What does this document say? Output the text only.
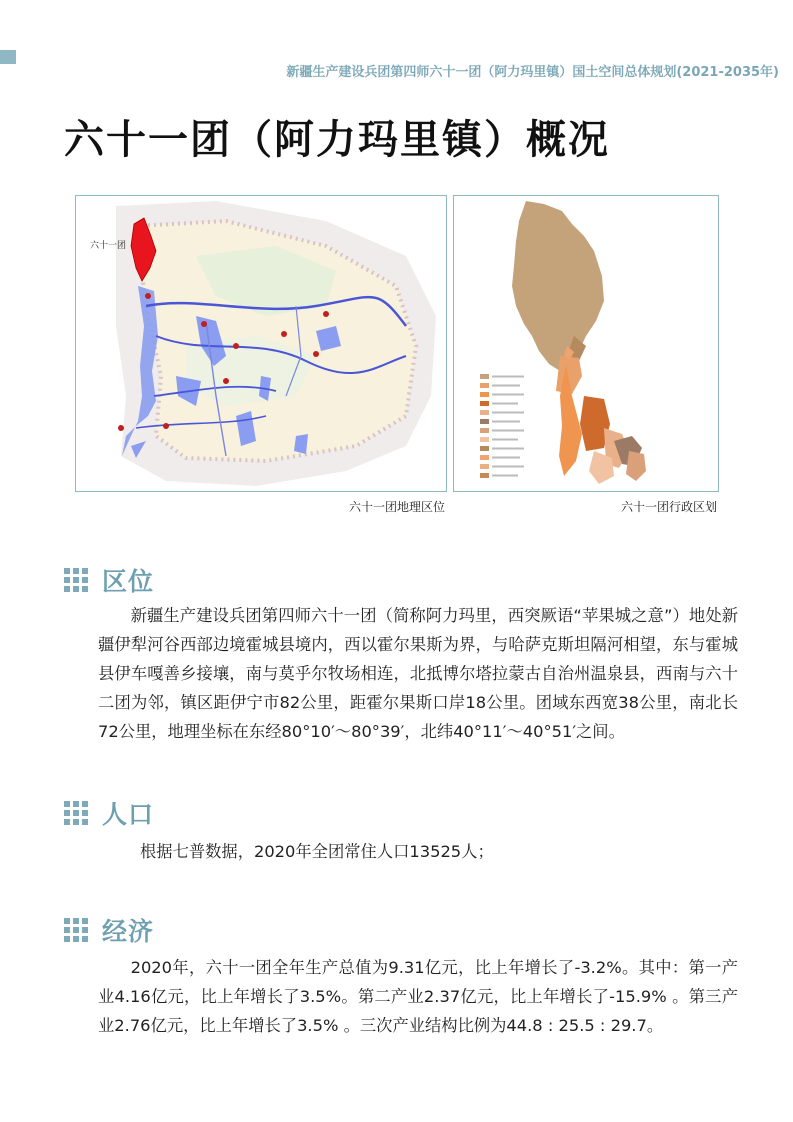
新疆生产建设兵团第四师六十一团（阿力玛里镇）国土空间总体规划(2021-2035年)
六十一团（阿力玛里镇）概况
六十一团
六十一团地理区位	六十一团行政区划
区位

新疆生产建设兵团第四师六十一团（简称阿力玛里，西突厥语“苹果城之意”）地处新疆伊犁河谷西部边境霍城县境内，西以霍尔果斯为界，与哈萨克斯坦隔河相望，东与霍城县伊车嘎善乡接壤，南与莫乎尔牧场相连，北抵博尔塔拉蒙古自治州温泉县，西南与六十二团为邻，镇区距伊宁市82公里，距霍尔果斯口岸18公里。团域东西宽38公里，南北长72公里，地理坐标在东经80°10′～80°39′，北纬40°11′～40°51′之间。

人口

根据七普数据，2020年全团常住人口13525人；

经济

2020年，六十一团全年生产总值为9.31亿元，比上年增长了-3.2%。其中：第一产业4.16亿元，比上年增长了3.5%。第二产业2.37亿元，比上年增长了-15.9% 。第三产业2.76亿元，比上年增长了3.5% 。三次产业结构比例为44.8 : 25.5 : 29.7。
